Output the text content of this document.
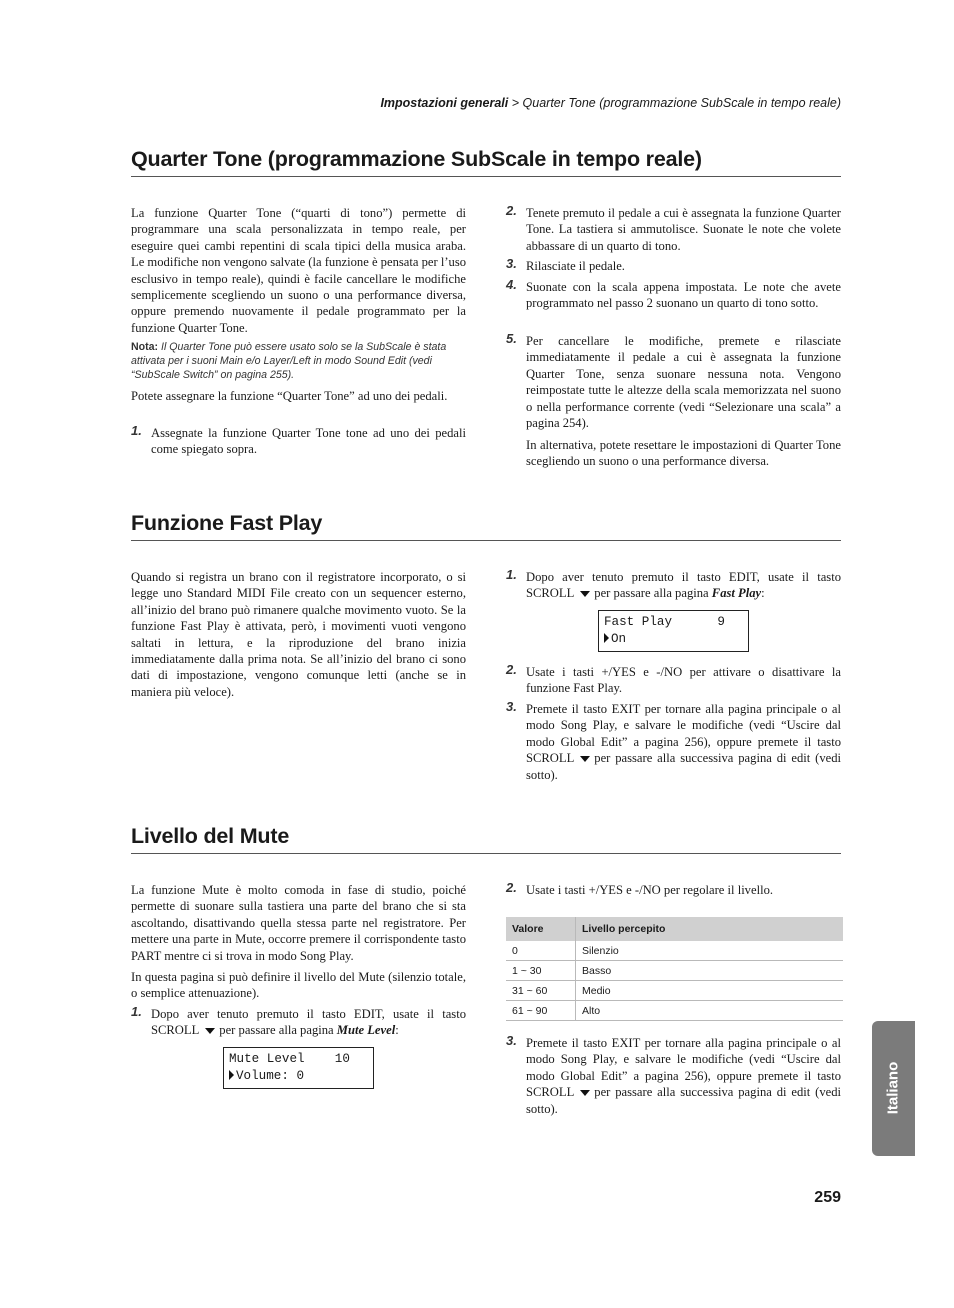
Impostazioni generali > Quarter Tone (programmazione SubScale in tempo reale)
Quarter Tone (programmazione SubScale in tempo reale)
La funzione Quarter Tone (“quarti di tono”) permette di programmare una scala personalizzata in tempo reale, per eseguire quei cambi repentini di scala tipici della musica araba. Le modifiche non vengono salvate (la funzione è pensata per l’uso esclusivo in tempo reale), quindi è facile cancellare le modifiche semplicemente scegliendo un suono o una performance diversa, oppure premendo nuovamente il pedale programmato per la funzione Quarter Tone.
Nota: Il Quarter Tone può essere usato solo se la SubScale è stata attivata per i suoni Main e/o Layer/Left in modo Sound Edit (vedi “SubScale Switch” on pagina 255).
Potete assegnare la funzione “Quarter Tone” ad uno dei pedali.
1. Assegnate la funzione Quarter Tone tone ad uno dei pedali come spiegato sopra.
2. Tenete premuto il pedale a cui è assegnata la funzione Quarter Tone. La tastiera si ammutolisce. Suonate le note che volete abbassare di un quarto di tono.
3. Rilasciate il pedale.
4. Suonate con la scala appena impostata. Le note che avete programmato nel passo 2 suonano un quarto di tono sotto.
5. Per cancellare le modifiche, premete e rilasciate immediatamente il pedale a cui è assegnata la funzione Quarter Tone, senza suonare nessuna nota. Vengono reimpostate tutte le altezze della scala memorizzata nel suono o nella performance corrente (vedi “Selezionare una scala” a pagina 254).
In alternativa, potete resettare le impostazioni di Quarter Tone scegliendo un suono o una performance diversa.
Funzione Fast Play
Quando si registra un brano con il registratore incorporato, o si legge uno Standard MIDI File creato con un sequencer esterno, all’inizio del brano può rimanere qualche movimento vuoto. Se la funzione Fast Play è attivata, però, i movimenti vuoti vengono saltati in lettura, e la riproduzione del brano inizia immediatamente dalla prima nota. Se all’inizio del brano ci sono dati di impostazione, vengono comunque letti (anche se in maniera più veloce).
1. Dopo aver tenuto premuto il tasto EDIT, usate il tasto SCROLL per passare alla pagina Fast Play:
Fast Play      9
On
2. Usate i tasti +/YES e -/NO per attivare o disattivare la funzione Fast Play.
3. Premete il tasto EXIT per tornare alla pagina principale o al modo Song Play, e salvare le modifiche (vedi “Uscire dal modo Global Edit” a pagina 256), oppure premete il tasto SCROLL per passare alla successiva pagina di edit (vedi sotto).
Livello del Mute
La funzione Mute è molto comoda in fase di studio, poiché permette di suonare sulla tastiera una parte del brano che si sta ascoltando, disattivando quella stessa parte nel registratore. Per mettere una parte in Mute, occorre premere il corrispondente tasto PART mentre ci si trova in modo Song Play.
In questa pagina si può definire il livello del Mute (silenzio totale, o semplice attenuazione).
1. Dopo aver tenuto premuto il tasto EDIT, usate il tasto SCROLL per passare alla pagina Mute Level:
Mute Level    10
Volume: 0
2. Usate i tasti +/YES e -/NO per regolare il livello.
Valore	Livello percepito
0	Silenzio
1 ~ 30	Basso
31 ~ 60	Medio
61 ~ 90	Alto
3. Premete il tasto EXIT per tornare alla pagina principale o al modo Song Play, e salvare le modifiche (vedi “Uscire dal modo Global Edit” a pagina 256), oppure premete il tasto SCROLL per passare alla successiva pagina di edit (vedi sotto).	Italiano
259
